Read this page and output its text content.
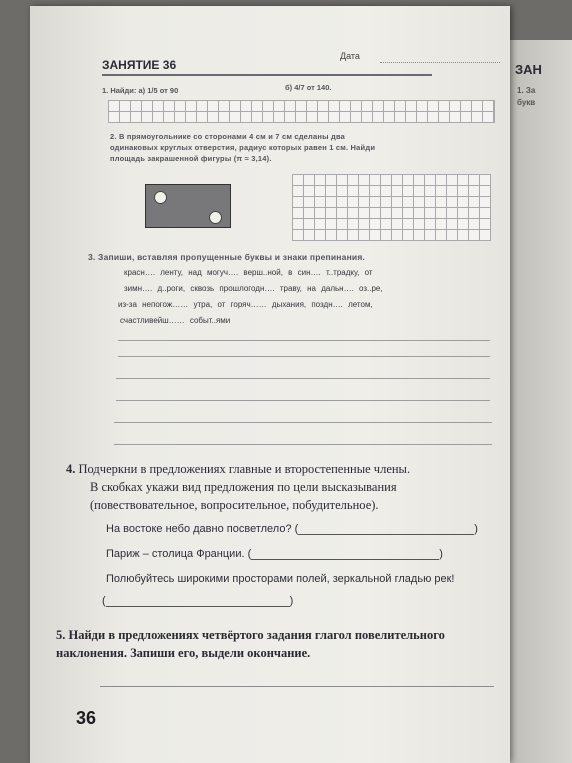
ЗАН
1. За
букв
ЗАНЯТИЕ 36
Дата
1. Найди: а) 1/5 от 90	б) 4/7 от 140.
2. В прямоугольнике со сторонами 4 см и 7 см сделаны два
одинаковых круглых отверстия, радиус которых равен 1 см. Найди
площадь закрашенной фигуры (π ≈ 3,14).
3. Запиши, вставляя пропущенные буквы и знаки препинания.
красн…. ленту, над могуч…. верш..ной, в син…. т..традку, от
зимн…. д..роги, сквозь прошлогодн…. траву, на дальн…. оз..ре,
из-за непогож…… утра, от горяч…… дыхания, поздн…. летом,
счастливейш…… событ..ями
4. Подчеркни в предложениях главные и второстепенные члены.
В скобках укажи вид предложения по цели высказывания
(повествовательное, вопросительное, побудительное).
На востоке небо давно посветлело? (	)
Париж – столица Франции. (	)
Полюбуйтесь широкими просторами полей, зеркальной гладью рек!
(	)
5. Найди в предложениях четвёртого задания глагол повелительного
наклонения. Запиши его, выдели окончание.
36
